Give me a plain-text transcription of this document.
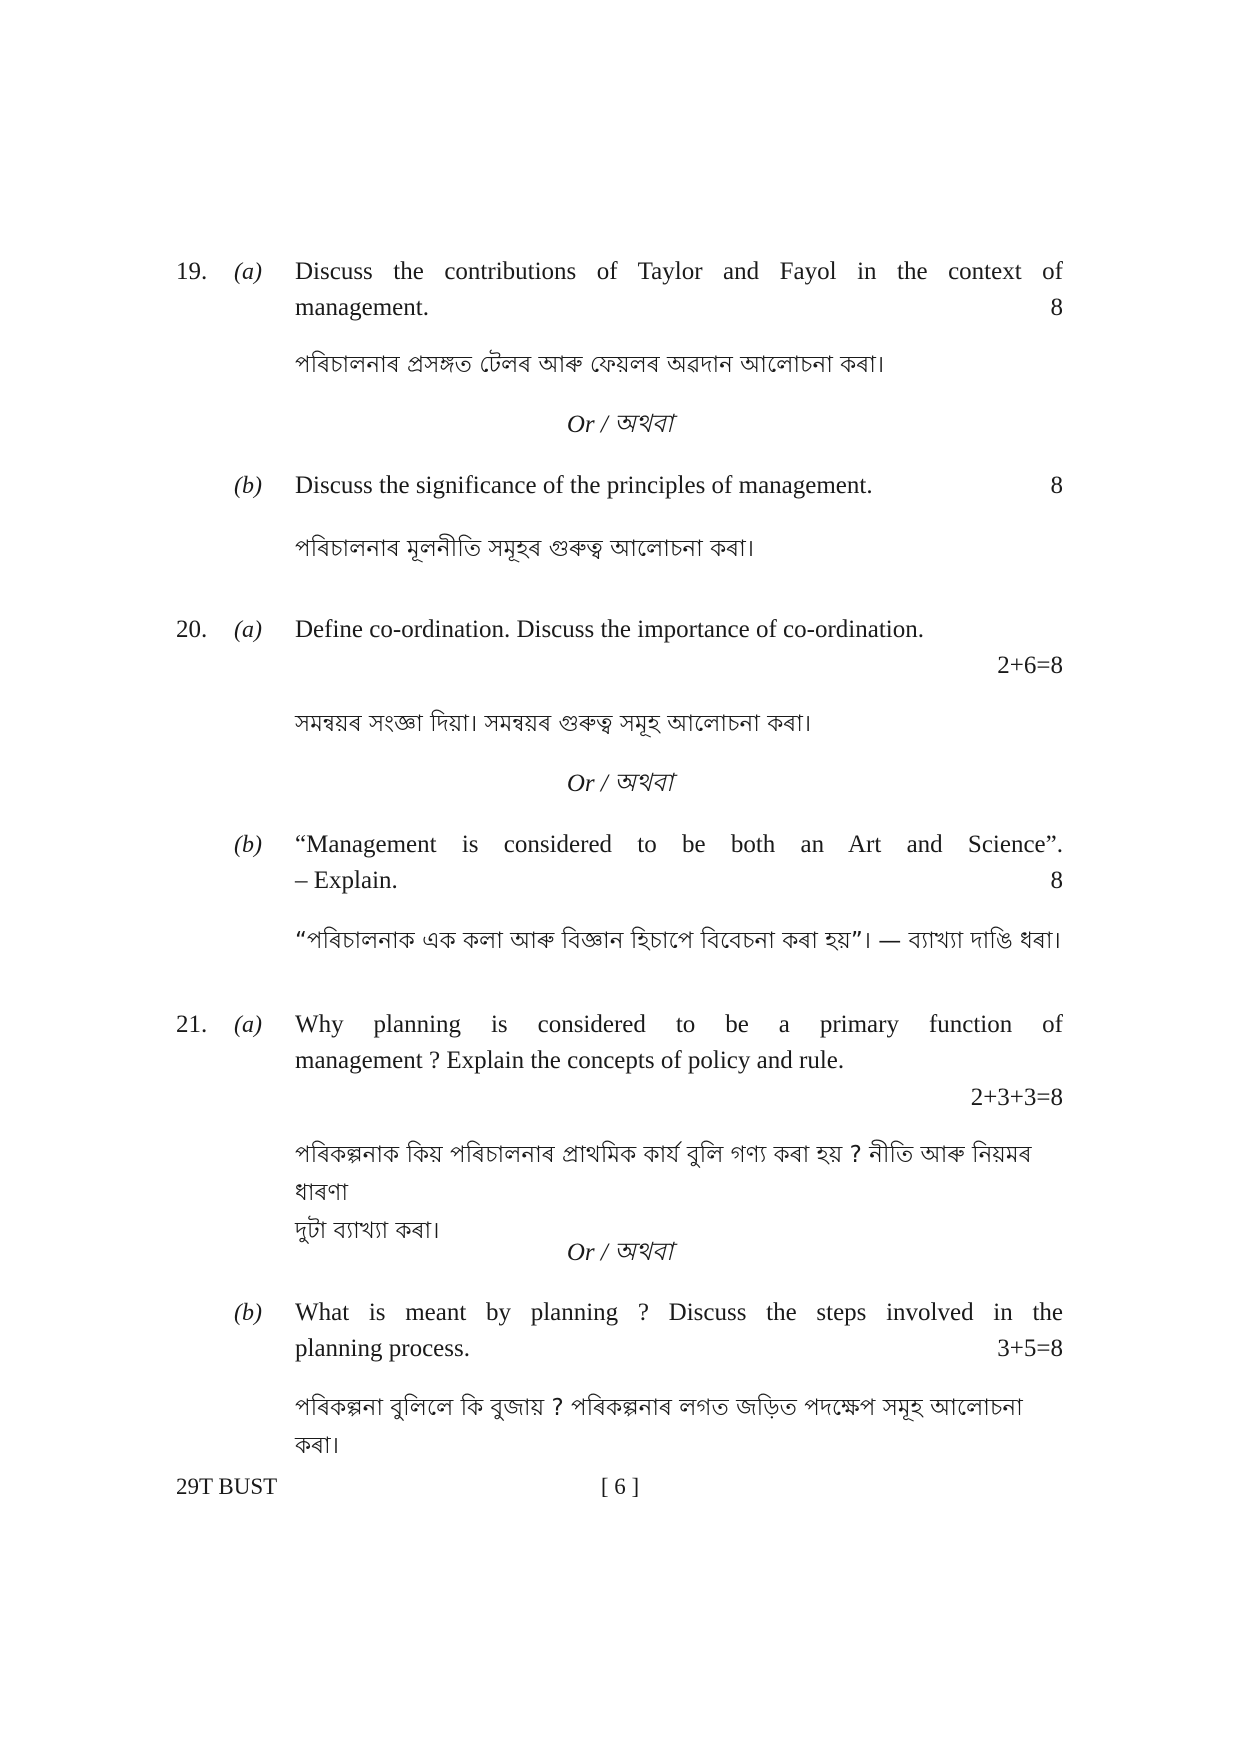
19. (a) Discuss the contributions of Taylor and Fayol in the context of
management.	8
পৰিচালনাৰ প্ৰসঙ্গত টেলৰ আৰু ফেয়লৰ অৱদান আলোচনা কৰা।
Or / অথবা
(b) Discuss the significance of the principles of management.	8
পৰিচালনাৰ মূলনীতি সমূহৰ গুৰুত্ব আলোচনা কৰা।
20. (a) Define co-ordination. Discuss the importance of co-ordination.
2+6=8
সমন্বয়ৰ সংজ্ঞা দিয়া। সমন্বয়ৰ গুৰুত্ব সমূহ আলোচনা কৰা।
Or / অথবা
(b) “Management is considered to be both an Art and Science”.
– Explain.	8
“পৰিচালনাক এক কলা আৰু বিজ্ঞান হিচাপে বিবেচনা কৰা হয়”। — ব্যাখ্যা দাঙি ধৰা।
21. (a) Why planning is considered to be a primary function of
management ? Explain the concepts of policy and rule.
2+3+3=8
পৰিকল্পনাক কিয় পৰিচালনাৰ প্ৰাথমিক কাৰ্য বুলি গণ্য কৰা হয় ? নীতি আৰু নিয়মৰ ধাৰণা
দুটা ব্যাখ্যা কৰা।
Or / অথবা
(b) What is meant by planning ? Discuss the steps involved in the
planning process.	3+5=8
পৰিকল্পনা বুলিলে কি বুজায় ? পৰিকল্পনাৰ লগত জড়িত পদক্ষেপ সমূহ আলোচনা কৰা।
29T BUST	[ 6 ]
